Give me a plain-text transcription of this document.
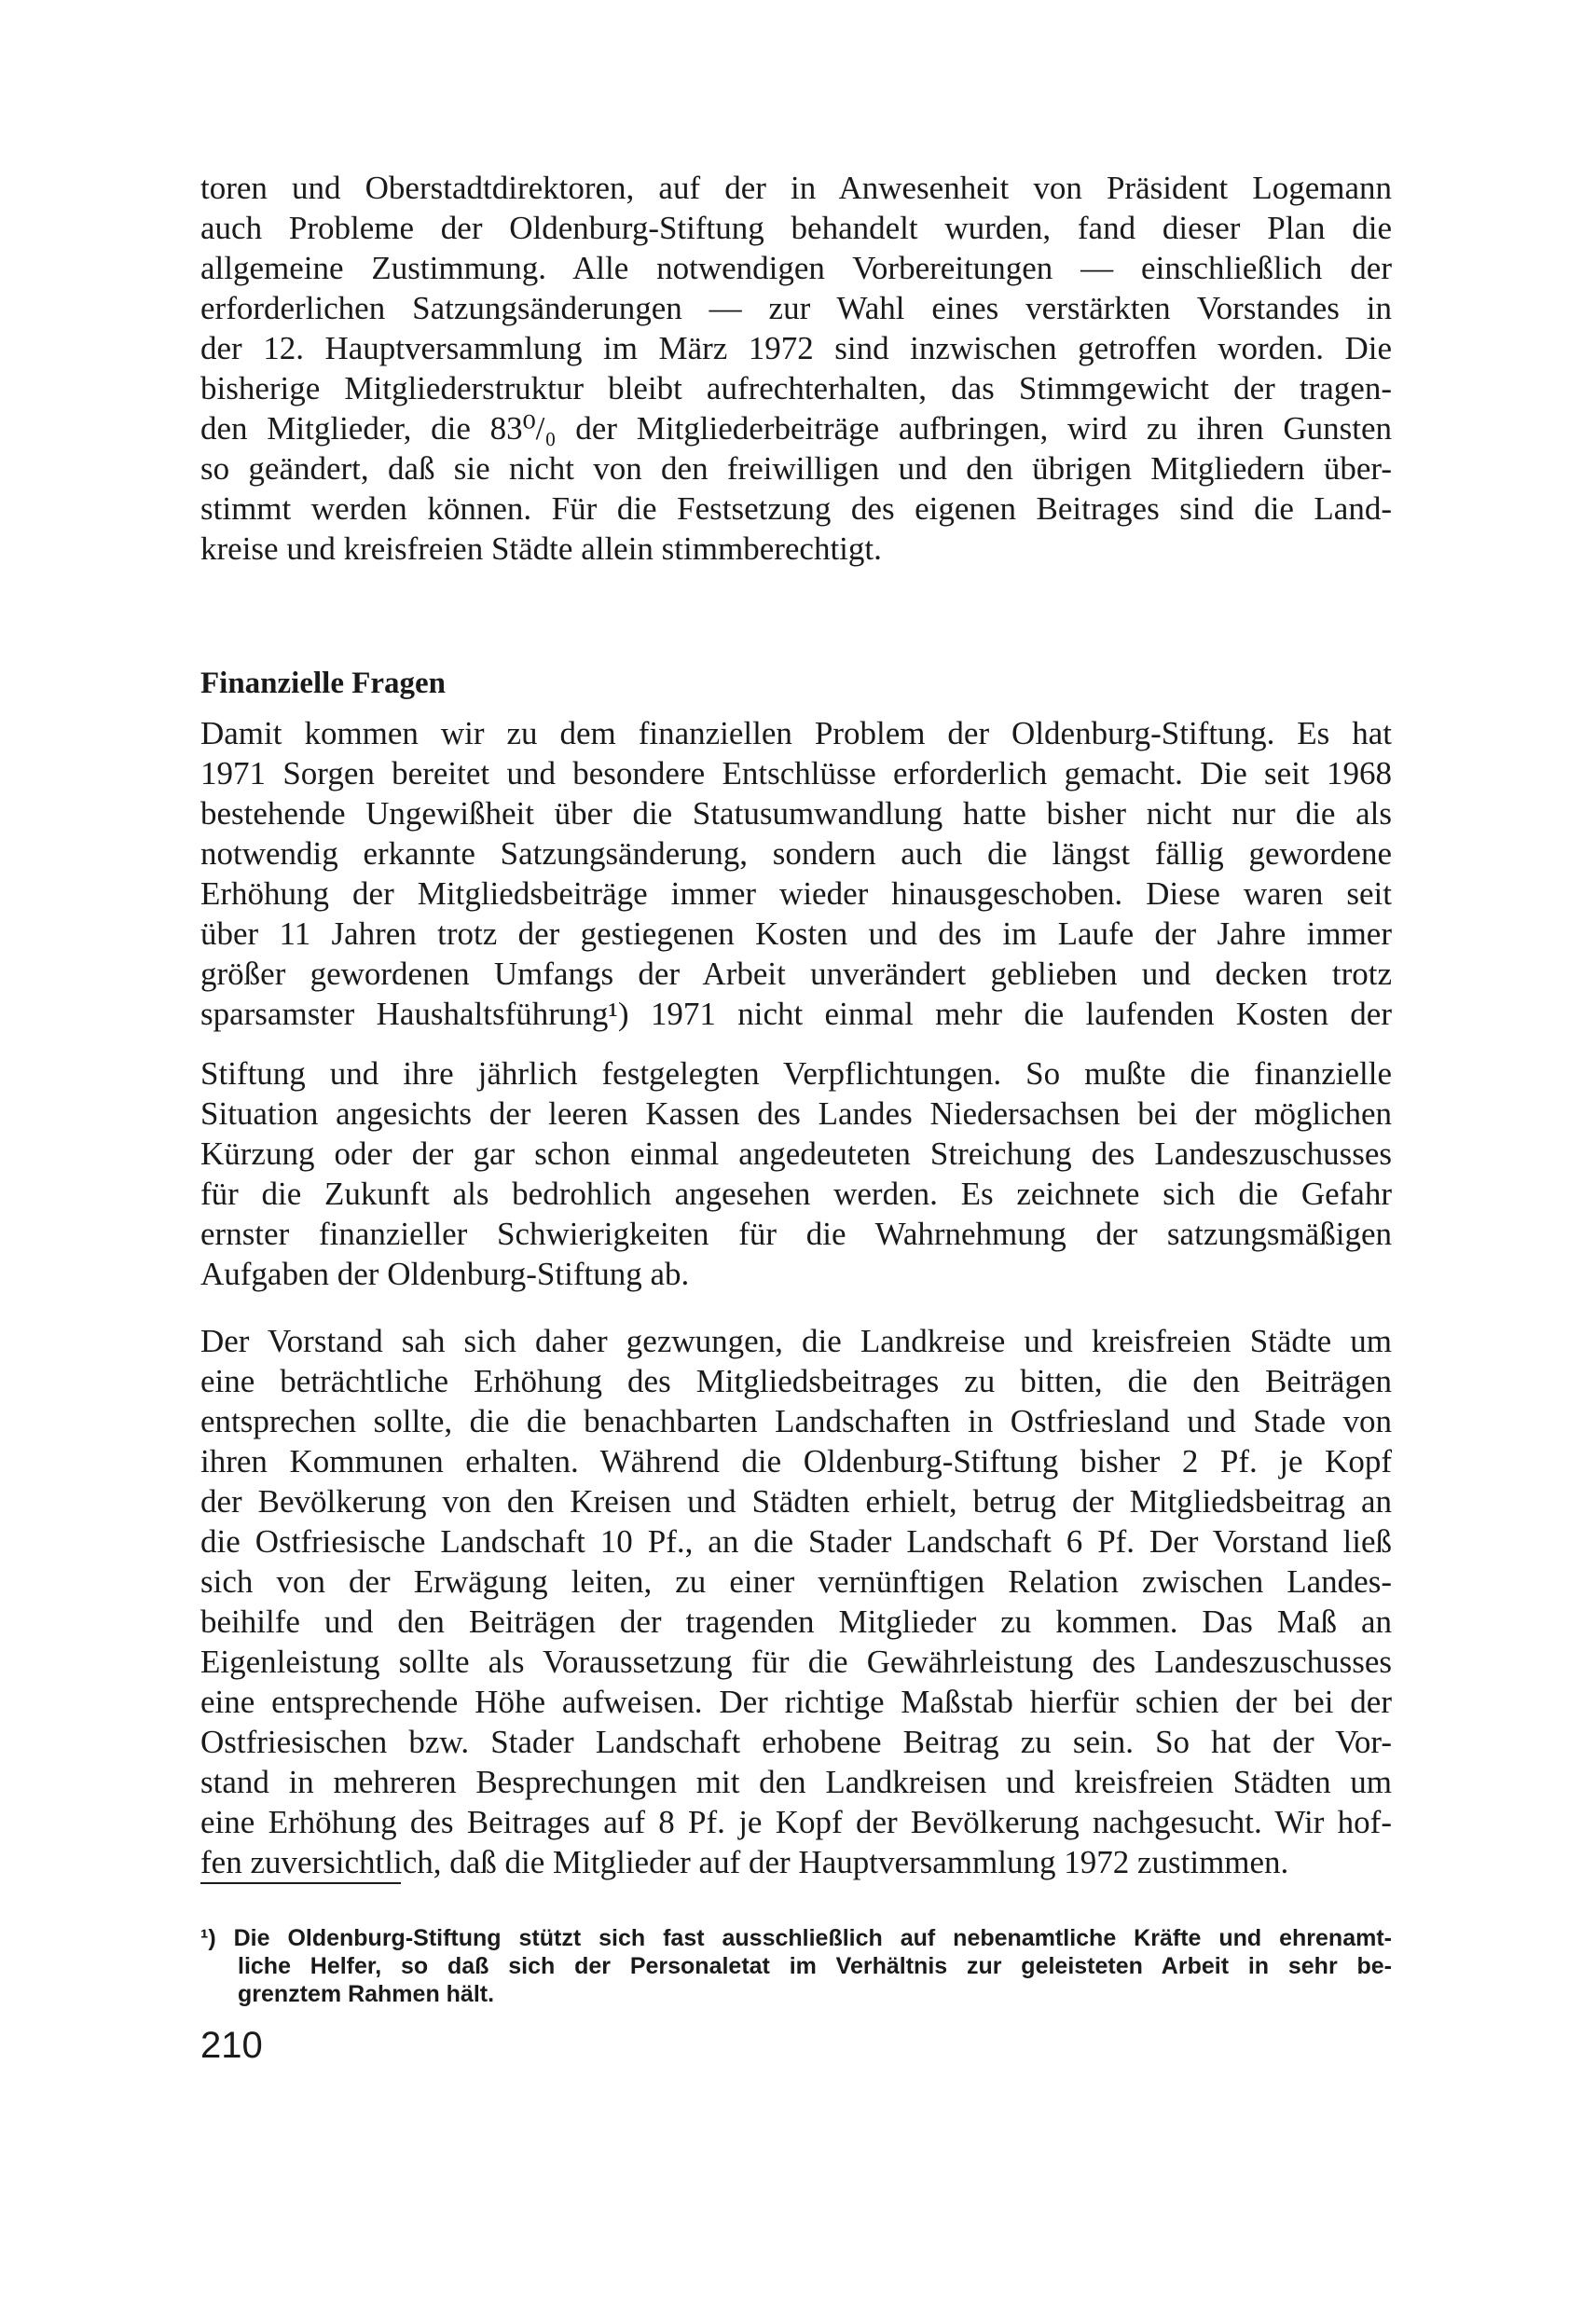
toren und Oberstadtdirektoren, auf der in Anwesenheit von Präsident Logemann
auch Probleme der Oldenburg-Stiftung behandelt wurden, fand dieser Plan die
allgemeine Zustimmung. Alle notwendigen Vorbereitungen — einschließlich der
erforderlichen Satzungsänderungen — zur Wahl eines verstärkten Vorstandes in
der 12. Hauptversammlung im März 1972 sind inzwischen getroffen worden. Die
bisherige Mitgliederstruktur bleibt aufrechterhalten, das Stimmgewicht der tragen-
den Mitglieder, die 83⁰/₀ der Mitgliederbeiträge aufbringen, wird zu ihren Gunsten
so geändert, daß sie nicht von den freiwilligen und den übrigen Mitgliedern über-
stimmt werden können. Für die Festsetzung des eigenen Beitrages sind die Land-
kreise und kreisfreien Städte allein stimmberechtigt.
Finanzielle Fragen
Damit kommen wir zu dem finanziellen Problem der Oldenburg-Stiftung. Es hat
1971 Sorgen bereitet und besondere Entschlüsse erforderlich gemacht. Die seit 1968
bestehende Ungewißheit über die Statusumwandlung hatte bisher nicht nur die als
notwendig erkannte Satzungsänderung, sondern auch die längst fällig gewordene
Erhöhung der Mitgliedsbeiträge immer wieder hinausgeschoben. Diese waren seit
über 11 Jahren trotz der gestiegenen Kosten und des im Laufe der Jahre immer
größer gewordenen Umfangs der Arbeit unverändert geblieben und decken trotz
sparsamster Haushaltsführung¹) 1971 nicht einmal mehr die laufenden Kosten der
Stiftung und ihre jährlich festgelegten Verpflichtungen. So mußte die finanzielle
Situation angesichts der leeren Kassen des Landes Niedersachsen bei der möglichen
Kürzung oder der gar schon einmal angedeuteten Streichung des Landeszuschusses
für die Zukunft als bedrohlich angesehen werden. Es zeichnete sich die Gefahr
ernster finanzieller Schwierigkeiten für die Wahrnehmung der satzungsmäßigen
Aufgaben der Oldenburg-Stiftung ab.
Der Vorstand sah sich daher gezwungen, die Landkreise und kreisfreien Städte um
eine beträchtliche Erhöhung des Mitgliedsbeitrages zu bitten, die den Beiträgen
entsprechen sollte, die die benachbarten Landschaften in Ostfriesland und Stade von
ihren Kommunen erhalten. Während die Oldenburg-Stiftung bisher 2 Pf. je Kopf
der Bevölkerung von den Kreisen und Städten erhielt, betrug der Mitgliedsbeitrag an
die Ostfriesische Landschaft 10 Pf., an die Stader Landschaft 6 Pf. Der Vorstand ließ
sich von der Erwägung leiten, zu einer vernünftigen Relation zwischen Landes-
beihilfe und den Beiträgen der tragenden Mitglieder zu kommen. Das Maß an
Eigenleistung sollte als Voraussetzung für die Gewährleistung des Landeszuschusses
eine entsprechende Höhe aufweisen. Der richtige Maßstab hierfür schien der bei der
Ostfriesischen bzw. Stader Landschaft erhobene Beitrag zu sein. So hat der Vor-
stand in mehreren Besprechungen mit den Landkreisen und kreisfreien Städten um
eine Erhöhung des Beitrages auf 8 Pf. je Kopf der Bevölkerung nachgesucht. Wir hof-
fen zuversichtlich, daß die Mitglieder auf der Hauptversammlung 1972 zustimmen.
¹) Die Oldenburg-Stiftung stützt sich fast ausschließlich auf nebenamtliche Kräfte und ehrenamt-
liche Helfer, so daß sich der Personaletat im Verhältnis zur geleisteten Arbeit in sehr be-
grenztem Rahmen hält.
210
